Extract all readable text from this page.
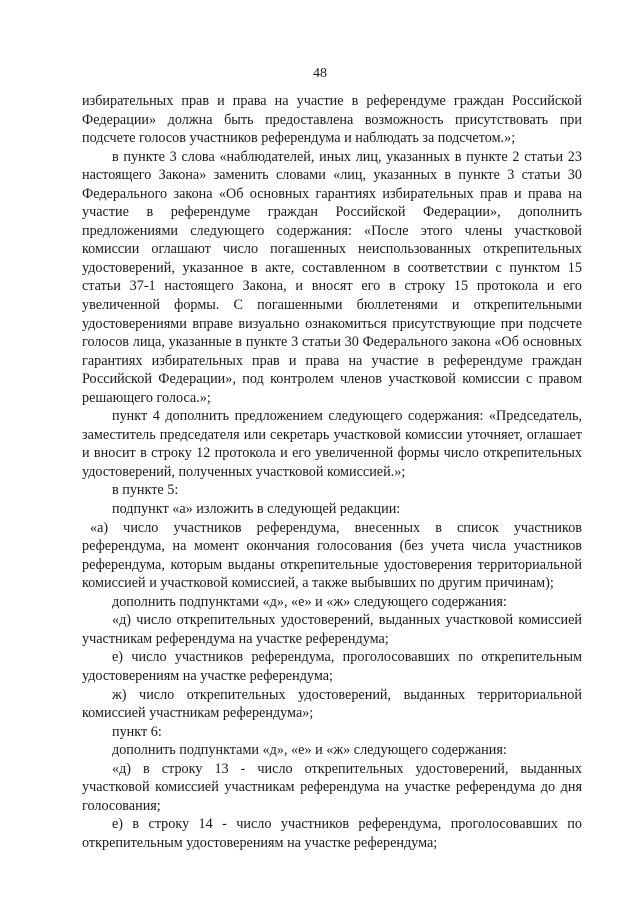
48

избирательных прав и права на участие в референдуме граждан Российской Федерации» должна быть предоставлена возможность присутствовать при подсчете голосов участников референдума и наблюдать за подсчетом.»;

в пункте 3 слова «наблюдателей, иных лиц, указанных в пункте 2 статьи 23 настоящего Закона» заменить словами «лиц, указанных в пункте 3 статьи 30 Федерального закона «Об основных гарантиях избирательных прав и права на участие в референдуме граждан Российской Федерации», дополнить предложениями следующего содержания: «После этого члены участковой комиссии оглашают число погашенных неиспользованных открепительных удостоверений, указанное в акте, составленном в соответствии с пунктом 15 статьи 37-1 настоящего Закона, и вносят его в строку 15 протокола и его увеличенной формы. С погашенными бюллетенями и открепительными удостоверениями вправе визуально ознакомиться присутствующие при подсчете голосов лица, указанные в пункте 3 статьи 30 Федерального закона «Об основных гарантиях избирательных прав и права на участие в референдуме граждан Российской Федерации», под контролем членов участковой комиссии с правом решающего голоса.»;

пункт 4 дополнить предложением следующего содержания: «Председатель, заместитель председателя или секретарь участковой комиссии уточняет, оглашает и вносит в строку 12 протокола и его увеличенной формы число открепительных удостоверений, полученных участковой комиссией.»;

в пункте 5:

подпункт «а» изложить в следующей редакции:

«а) число участников референдума, внесенных в список участников референдума, на момент окончания голосования (без учета числа участников референдума, которым выданы открепительные удостоверения территориальной комиссией и участковой комиссией, а также выбывших по другим причинам);

дополнить подпунктами «д», «е» и «ж» следующего содержания:

«д) число открепительных удостоверений, выданных участковой комиссией участникам референдума на участке референдума;

е) число участников референдума, проголосовавших по открепительным удостоверениям на участке референдума;

ж) число открепительных удостоверений, выданных территориальной комиссией участникам референдума»;

пункт 6:

дополнить подпунктами «д», «е» и «ж» следующего содержания:

«д) в строку 13 - число открепительных удостоверений, выданных участковой комиссией участникам референдума на участке референдума до дня голосования;

е) в строку 14 - число участников референдума, проголосовавших по открепительным удостоверениям на участке референдума;
